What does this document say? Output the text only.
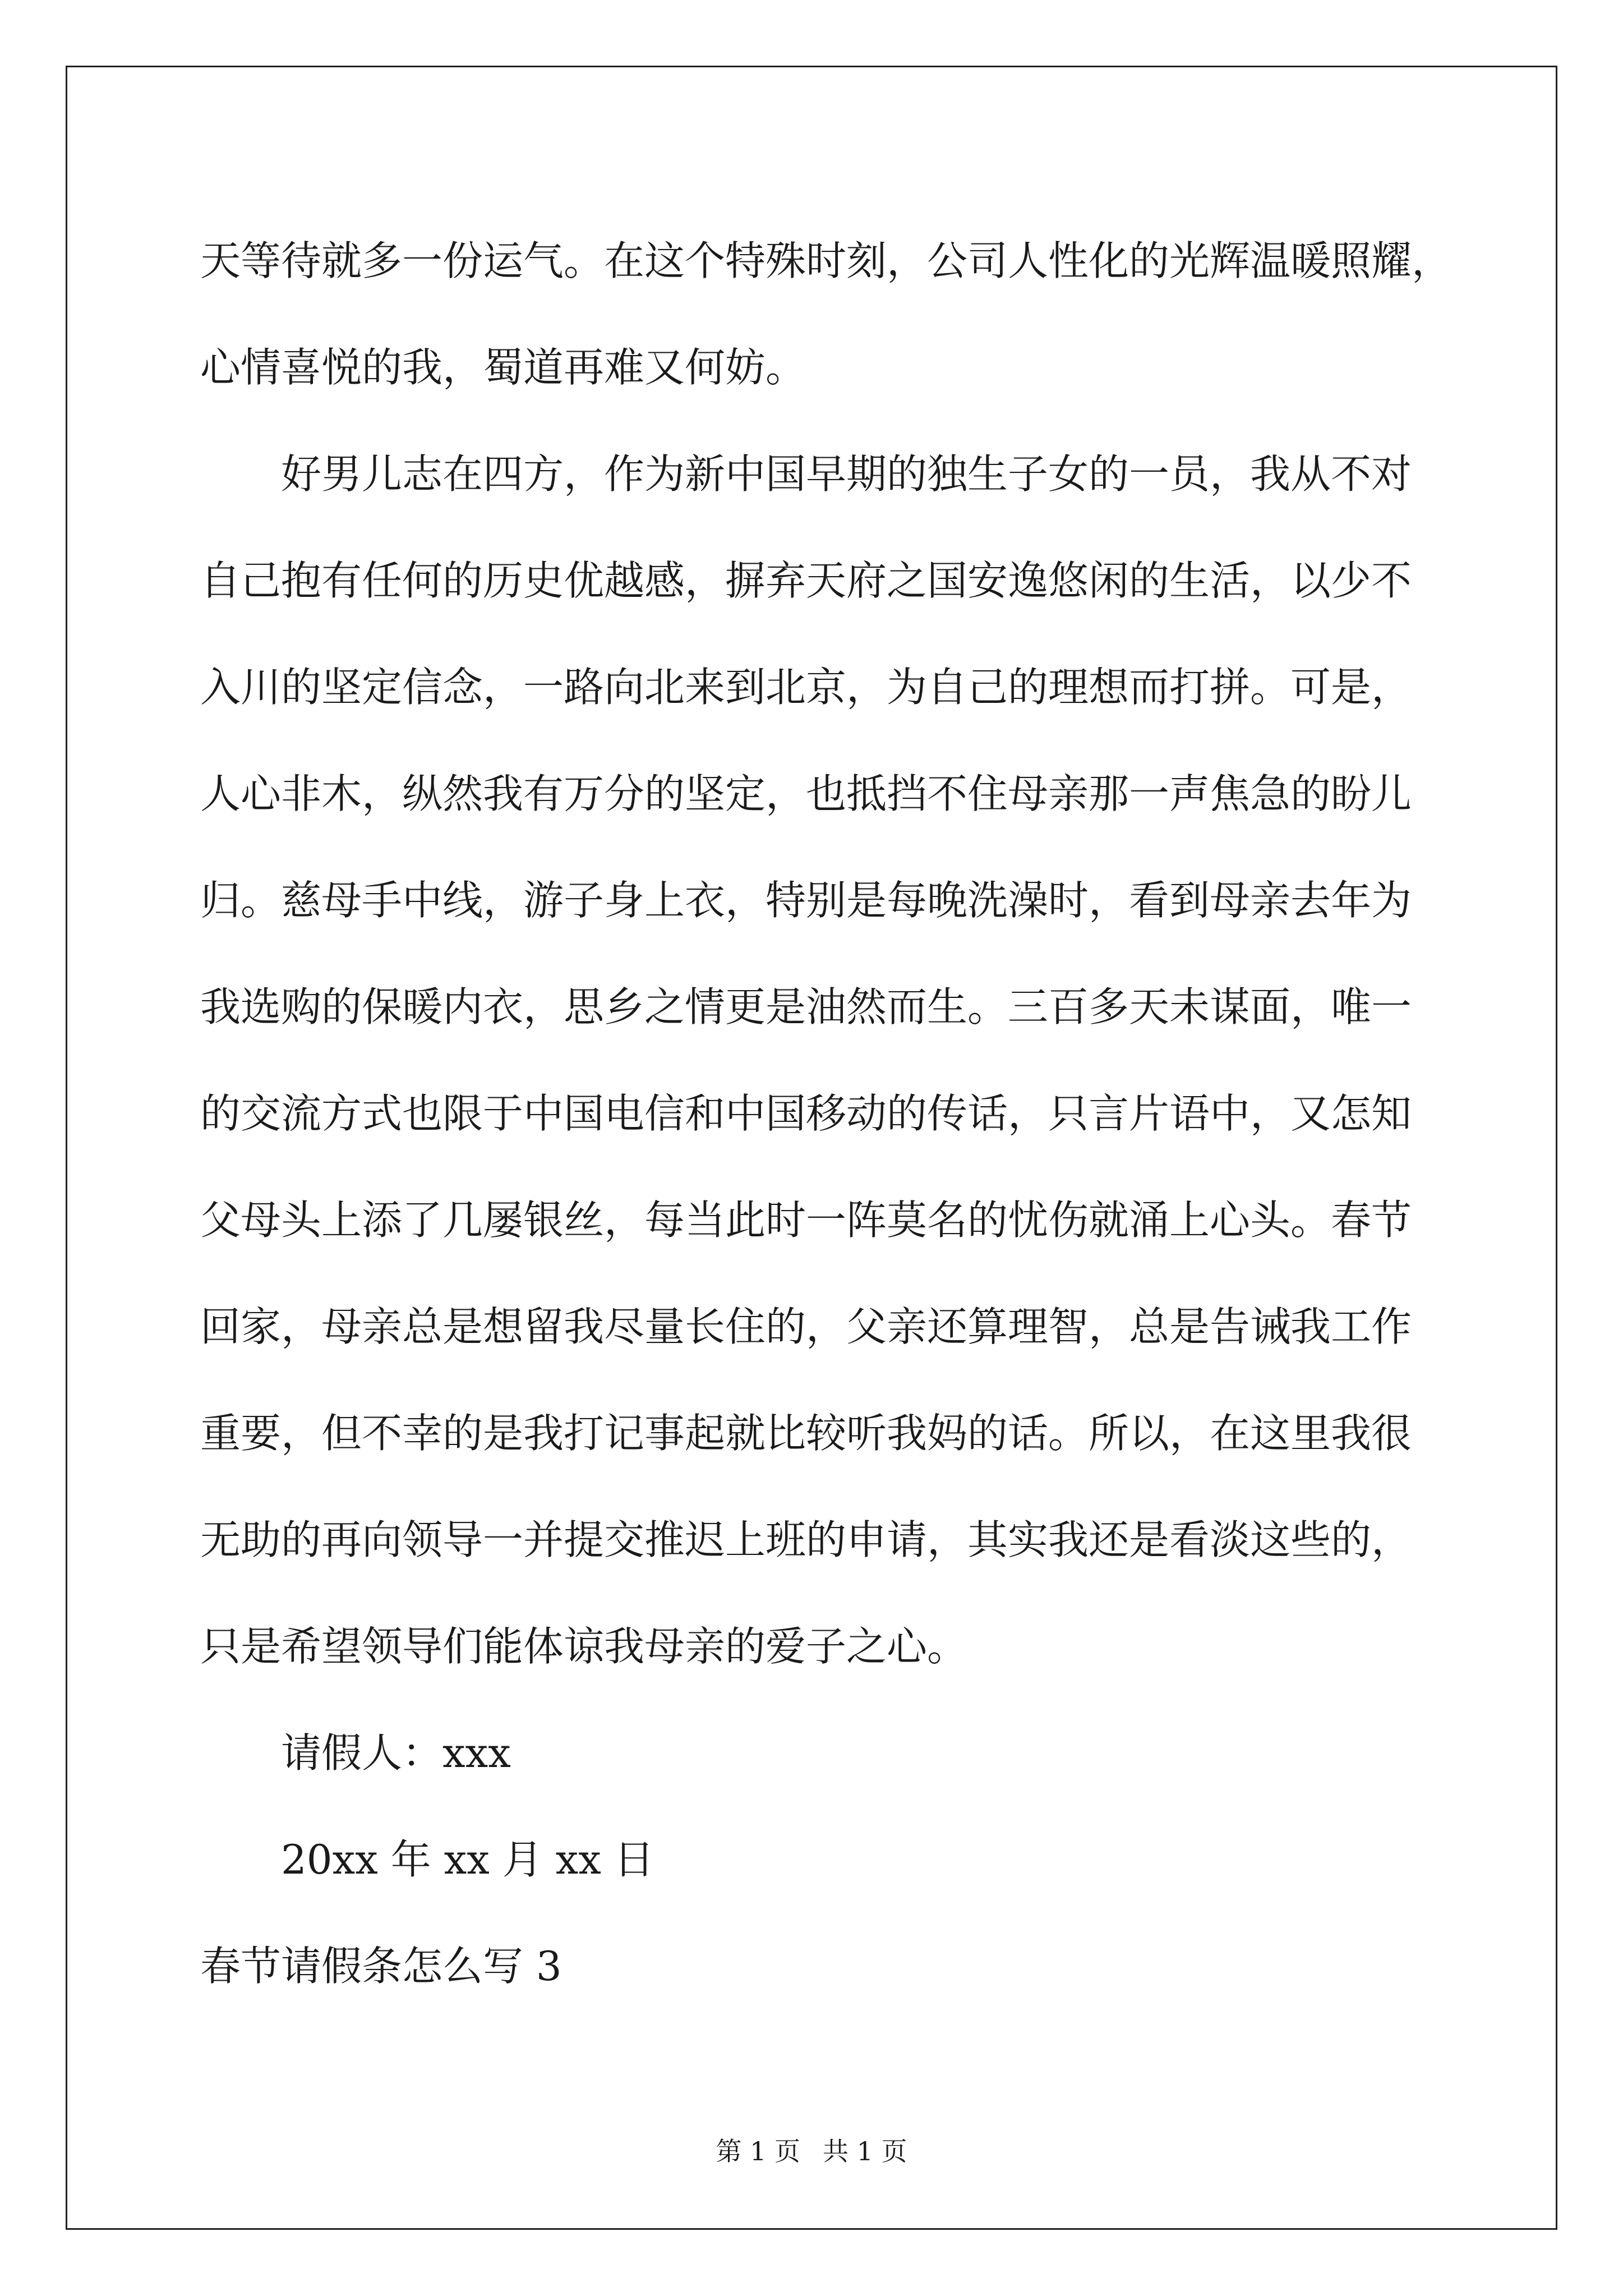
天等待就多一份运气。在这个特殊时刻，公司人性化的光辉温暖照耀，
心情喜悦的我，蜀道再难又何妨。
好男儿志在四方，作为新中国早期的独生子女的一员，我从不对
自己抱有任何的历史优越感，摒弃天府之国安逸悠闲的生活，以少不
入川的坚定信念，一路向北来到北京，为自己的理想而打拼。可是，
人心非木，纵然我有万分的坚定，也抵挡不住母亲那一声焦急的盼儿
归。慈母手中线，游子身上衣，特别是每晚洗澡时，看到母亲去年为
我选购的保暖内衣，思乡之情更是油然而生。三百多天未谋面，唯一
的交流方式也限于中国电信和中国移动的传话，只言片语中，又怎知
父母头上添了几屡银丝，每当此时一阵莫名的忧伤就涌上心头。春节
回家，母亲总是想留我尽量长住的，父亲还算理智，总是告诫我工作
重要，但不幸的是我打记事起就比较听我妈的话。所以，在这里我很
无助的再向领导一并提交推迟上班的申请，其实我还是看淡这些的，
只是希望领导们能体谅我母亲的爱子之心。
请假人：xxx
20xx 年 xx 月 xx 日
春节请假条怎么写 3
第 1 页 共 1 页
